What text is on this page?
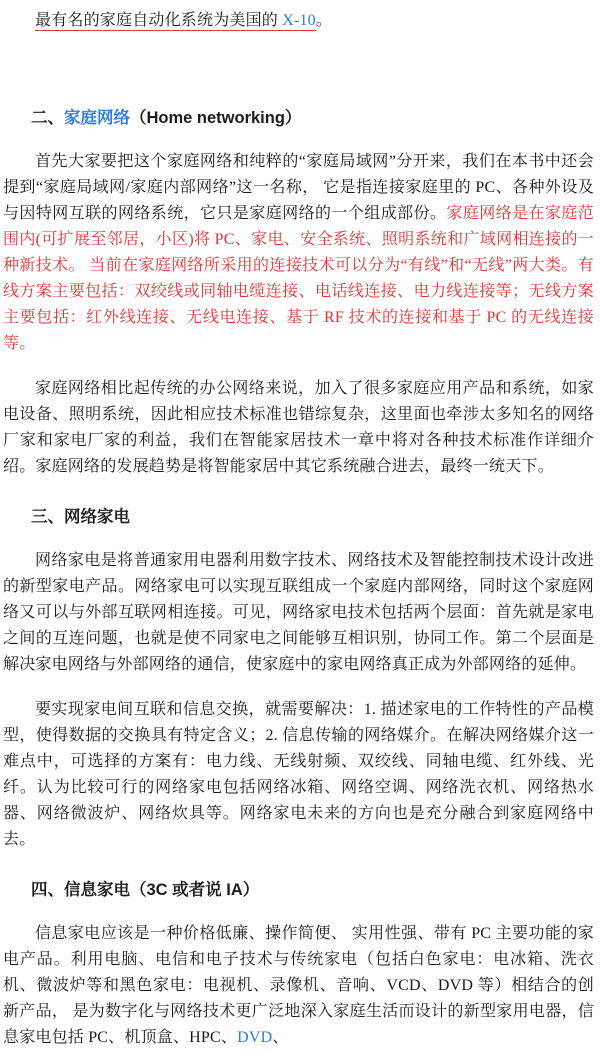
最有名的家庭自动化系统为美国的 X-10。

二、家庭网络（Home networking）

首先大家要把这个家庭网络和纯粹的“家庭局域网”分开来，我们在本书中还会提到“家庭局域网/家庭内部网络”这一名称， 它是指连接家庭里的 PC、各种外设及与因特网互联的网络系统，它只是家庭网络的一个组成部份。家庭网络是在家庭范围内(可扩展至邻居，小区)将 PC、家电、安全系统、照明系统和广域网相连接的一种新技术。 当前在家庭网络所采用的连接技术可以分为“有线”和“无线”两大类。有线方案主要包括：双绞线或同轴电缆连接、电话线连接、电力线连接等；无线方案主要包括：红外线连接、无线电连接、基于 RF 技术的连接和基于 PC 的无线连接等。

家庭网络相比起传统的办公网络来说，加入了很多家庭应用产品和系统，如家电设备、照明系统，因此相应技术标准也错综复杂，这里面也牵涉太多知名的网络厂家和家电厂家的利益，我们在智能家居技术一章中将对各种技术标准作详细介绍。家庭网络的发展趋势是将智能家居中其它系统融合进去，最终一统天下。

三、网络家电

网络家电是将普通家用电器利用数字技术、网络技术及智能控制技术设计改进的新型家电产品。网络家电可以实现互联组成一个家庭内部网络，同时这个家庭网络又可以与外部互联网相连接。可见，网络家电技术包括两个层面：首先就是家电之间的互连问题，也就是使不同家电之间能够互相识别，协同工作。第二个层面是解决家电网络与外部网络的通信，使家庭中的家电网络真正成为外部网络的延伸。

要实现家电间互联和信息交换，就需要解决：1. 描述家电的工作特性的产品模型，使得数据的交换具有特定含义；2. 信息传输的网络媒介。在解决网络媒介这一难点中，可选择的方案有：电力线、无线射频、双绞线、同轴电缆、红外线、光纤。认为比较可行的网络家电包括网络冰箱、网络空调、网络洗衣机、网络热水器、网络微波炉、网络炊具等。网络家电未来的方向也是充分融合到家庭网络中去。

四、信息家电（3C 或者说 IA）

信息家电应该是一种价格低廉、操作简便、 实用性强、带有 PC 主要功能的家电产品。利用电脑、电信和电子技术与传统家电（包括白色家电：电冰箱、洗衣机、微波炉等和黑色家电：电视机、录像机、音响、VCD、DVD 等）相结合的创新产品， 是为数字化与网络技术更广泛地深入家庭生活而设计的新型家用电器，信息家电包括 PC、机顶盒、HPC、DVD、
